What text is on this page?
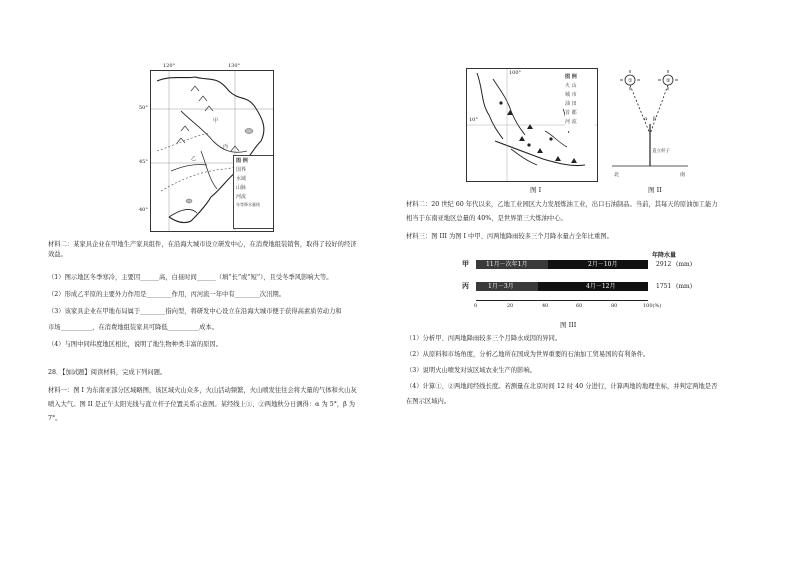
图 例
国界
水域
山脉
河流
年等降水量线
甲
乙
丙
120°	130°
50°
45°
40°
材料二：某家具企业在甲地生产家具组件，在沿海大城市设立研发中心，在消费地组装销售，取得了较好的经济效益。
（1）图示地区冬季寒冷，主要因______高，白昼时间______（填“长”或“短”），且受冬季风影响大等。
（2）形成乙平原的主要外力作用是________作用，丙河流一年中有________次汛期。
（3）该家具企业在甲地布局属于________指向型，将研发中心设立在沿海大城市便于获得高素质劳动力和
市场__________，在消费地组装家具可降低__________成本。
（4）与图中同纬度地区相比，说明了地生物种类丰富的原因。
28．【加试题】阅读材料，完成下列问题。
材料一：图 I 为东南亚部分区域略图，该区域火山众多，火山活动频繁，火山喷发往往会将大量的气体和火山灰喷入大气。图 II 是正午太阳光线与直立杆子位置关系示意图。某经线上①、②两地秋分日测得：α 为 5°，β 为 7°。
图 例
火 山
城 市
油 田
首 都
河 流
100°
10°
图 I
①	②
α β
直立杆子
北	南
图 II
材料二：20 世纪 60 年代以来，乙地工业园区大力发展炼油工业，出口石油制品。当前，其每天的原油加工能力
相当于东南亚地区总量的 40%，是世界第三大炼油中心。
材料三：图 III 为图 I 中甲、丙两地降雨较多三个月降水量占全年比重图。
年降水量
甲	11月－次年1月	2月－10月	2912 (mm)
丙	1月－3月	4月－12月	1751 (mm)
0	20	40	60	80	100(%)
图 III
（1）分析甲、丙两地降雨较多三个月降水成因的异同。
（2）从原料和市场角度，分析乙地所在国成为世界重要的石油加工贸易国的有利条件。
（3）说明火山喷发对该区域农业生产的影响。
（4）计算①、②两地间经线长度。若测量在北京时间 12 时 40 分进行，计算两地的地理坐标，并判定两地是否
在图示区域内。
